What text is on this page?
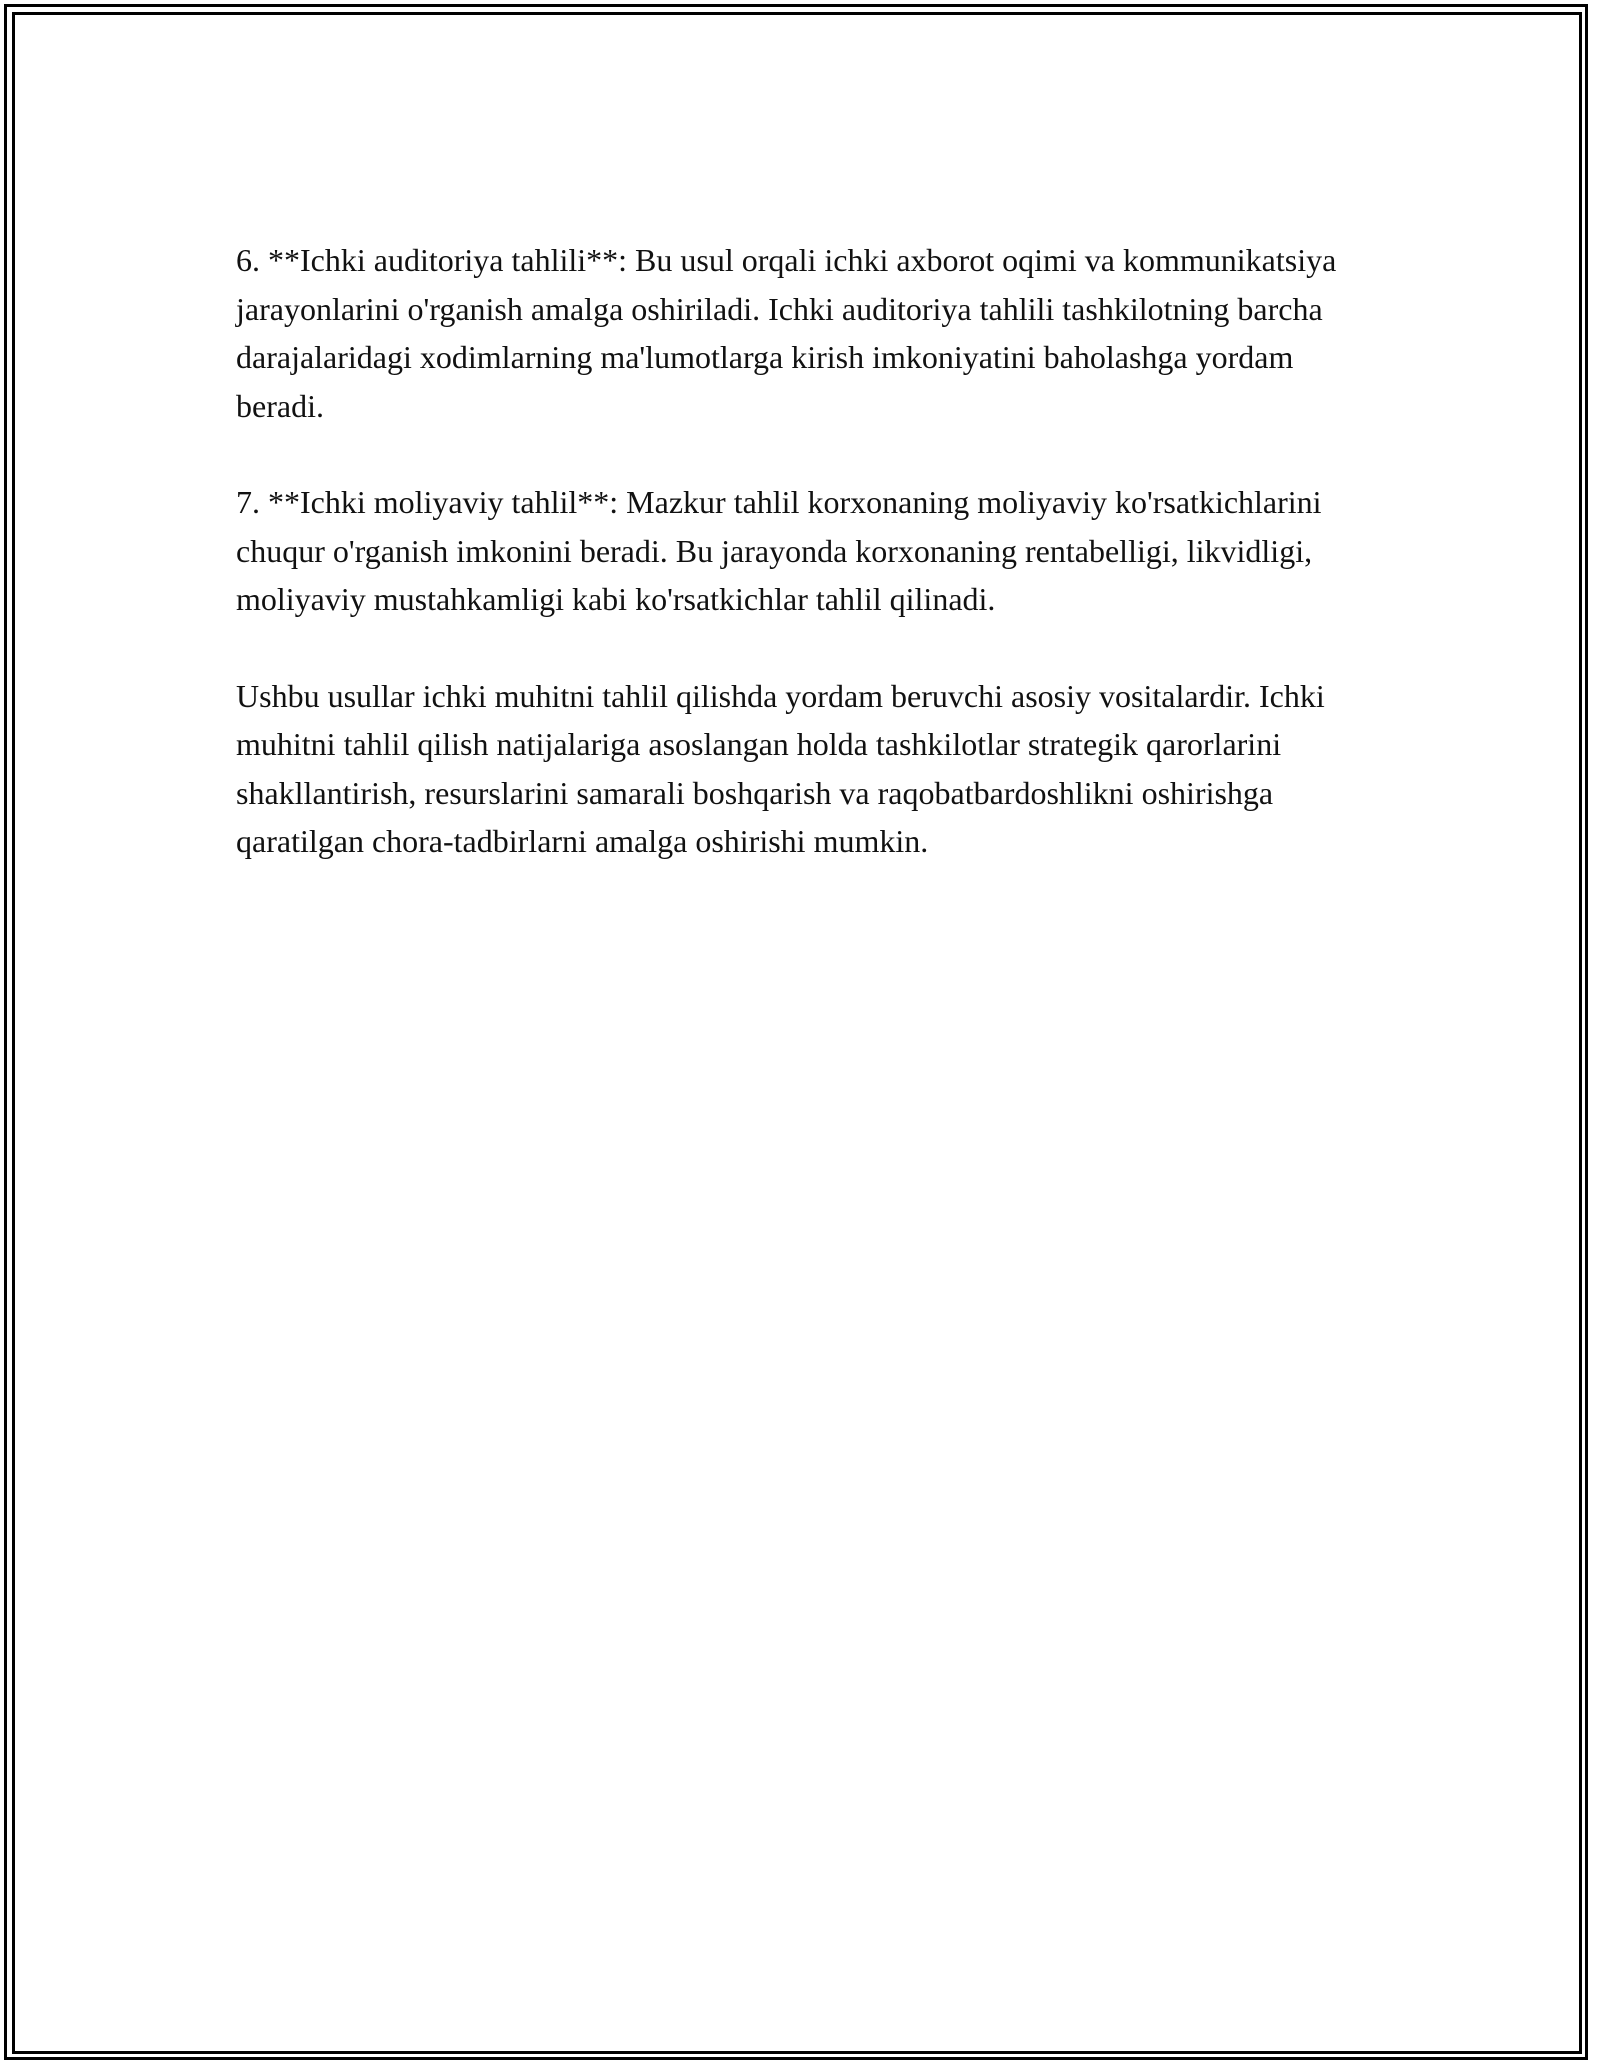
6. **Ichki auditoriya tahlili**: Bu usul orqali ichki axborot oqimi va kommunikatsiya jarayonlarini o'rganish amalga oshiriladi. Ichki auditoriya tahlili tashkilotning barcha darajalaridagi xodimlarning ma'lumotlarga kirish imkoniyatini baholashga yordam beradi.

7. **Ichki moliyaviy tahlil**: Mazkur tahlil korxonaning moliyaviy ko'rsatkichlarini chuqur o'rganish imkonini beradi. Bu jarayonda korxonaning rentabelligi, likvidligi, moliyaviy mustahkamligi kabi ko'rsatkichlar tahlil qilinadi.

Ushbu usullar ichki muhitni tahlil qilishda yordam beruvchi asosiy vositalardir. Ichki muhitni tahlil qilish natijalariga asoslangan holda tashkilotlar strategik qarorlarini shakllantirish, resurslarini samarali boshqarish va raqobatbardoshlikni oshirishga qaratilgan chora-tadbirlarni amalga oshirishi mumkin.
